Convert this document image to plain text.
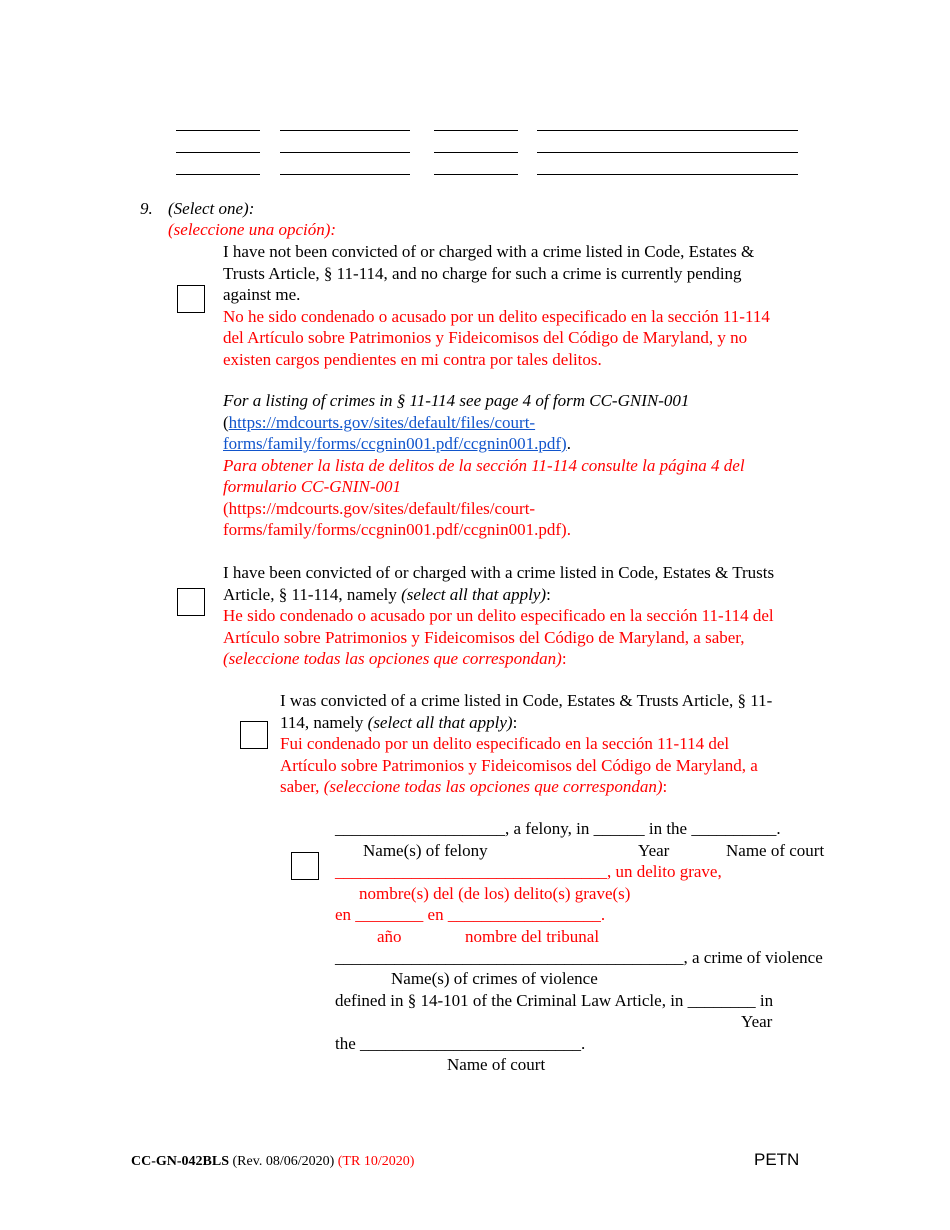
9. (Select one):
(seleccione una opción):
I have not been convicted of or charged with a crime listed in Code, Estates &
Trusts Article, § 11-114, and no charge for such a crime is currently pending
against me.
No he sido condenado o acusado por un delito especificado en la sección 11-114
del Artículo sobre Patrimonios y Fideicomisos del Código de Maryland, y no
existen cargos pendientes en mi contra por tales delitos.
For a listing of crimes in § 11-114 see page 4 of form CC-GNIN-001
(https://mdcourts.gov/sites/default/files/court-
forms/family/forms/ccgnin001.pdf/ccgnin001.pdf).
Para obtener la lista de delitos de la sección 11-114 consulte la página 4 del
formulario CC-GNIN-001
(https://mdcourts.gov/sites/default/files/court-
forms/family/forms/ccgnin001.pdf/ccgnin001.pdf).
I have been convicted of or charged with a crime listed in Code, Estates & Trusts
Article, § 11-114, namely (select all that apply):
He sido condenado o acusado por un delito especificado en la sección 11-114 del
Artículo sobre Patrimonios y Fideicomisos del Código de Maryland, a saber,
(seleccione todas las opciones que correspondan):
I was convicted of a crime listed in Code, Estates & Trusts Article, § 11-
114, namely (select all that apply):
Fui condenado por un delito especificado en la sección 11-114 del
Artículo sobre Patrimonios y Fideicomisos del Código de Maryland, a
saber, (seleccione todas las opciones que correspondan):
____________________, a felony, in ______ in the __________.
Name(s) of felony	Year	Name of court
________________________________, un delito grave,
nombre(s) del (de los) delito(s) grave(s)
en ________ en __________________.
año	nombre del tribunal
_________________________________________, a crime of violence
Name(s) of crimes of violence
defined in § 14-101 of the Criminal Law Article, in ________ in
Year
the __________________________.
Name of court
CC-GN-042BLS (Rev. 08/06/2020) (TR 10/2020)	PETN
